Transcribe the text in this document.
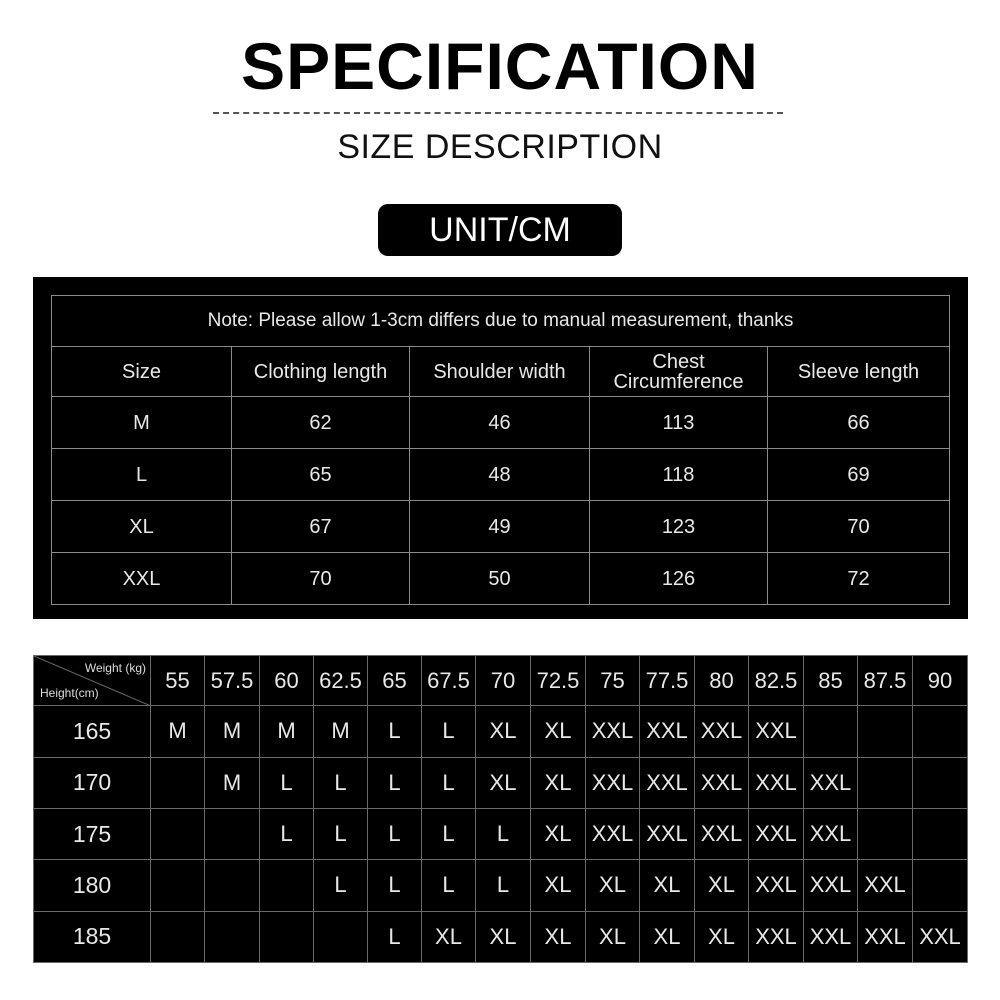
SPECIFICATION
SIZE DESCRIPTION
UNIT/CM
Note: Please allow 1-3cm differs due to manual measurement, thanks				
Size	Clothing length	Shoulder width	Chest Circumference	Sleeve length
M	62	46	113	66
L	65	48	118	69
XL	67	49	123	70
XXL	70	50	126	72
Weight (kg)
Height(cm)	55	57.5	60	62.5	65	67.5	70	72.5	75	77.5	80	82.5	85	87.5	90
165	M	M	M	M	L	L	XL	XL	XXL	XXL	XXL	XXL			
170		M	L	L	L	L	XL	XL	XXL	XXL	XXL	XXL	XXL		
175			L	L	L	L	L	XL	XXL	XXL	XXL	XXL	XXL		
180				L	L	L	L	XL	XL	XL	XL	XXL	XXL	XXL	
185					L	XL	XL	XL	XL	XL	XL	XXL	XXL	XXL	XXL
